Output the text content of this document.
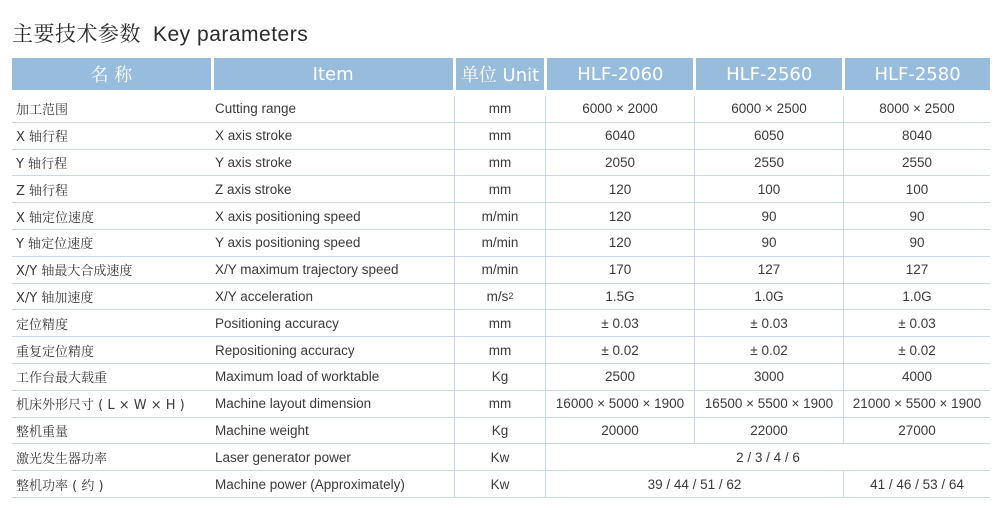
主要技术参数 Key parameters
名 称	Item	单位 Unit	HLF-2060	HLF-2560	HLF-2580
加工范围	Cutting range	mm	6000 × 2000	6000 × 2500	8000 × 2500
X 轴行程	X axis stroke	mm	6040	6050	8040
Y 轴行程	Y axis stroke	mm	2050	2550	2550
Z 轴行程	Z axis stroke	mm	120	100	100
X 轴定位速度	X axis positioning speed	m/min	120	90	90
Y 轴定位速度	Y axis positioning speed	m/min	120	90	90
X/Y 轴最大合成速度	X/Y maximum trajectory speed	m/min	170	127	127
X/Y 轴加速度	X/Y acceleration	m/s 2	1.5G	1.0G	1.0G
定位精度	Positioning accuracy	mm	± 0.03	± 0.03	± 0.03
重复定位精度	Repositioning accuracy	mm	± 0.02	± 0.02	± 0.02
工作台最大载重	Maximum load of worktable	Kg	2500	3000	4000
机床外形尺寸 ( L × W × H )	Machine layout dimension	mm	16000 × 5000 × 1900	16500 × 5500 × 1900	21000 × 5500 × 1900
整机重量	Machine weight	Kg	20000	22000	27000
激光发生器功率	Laser generator power	Kw	2 / 3 / 4 / 6
整机功率 ( 约 )	Machine power (Approximately)	Kw	39 / 44 / 51 / 62	41 / 46 / 53 / 64
